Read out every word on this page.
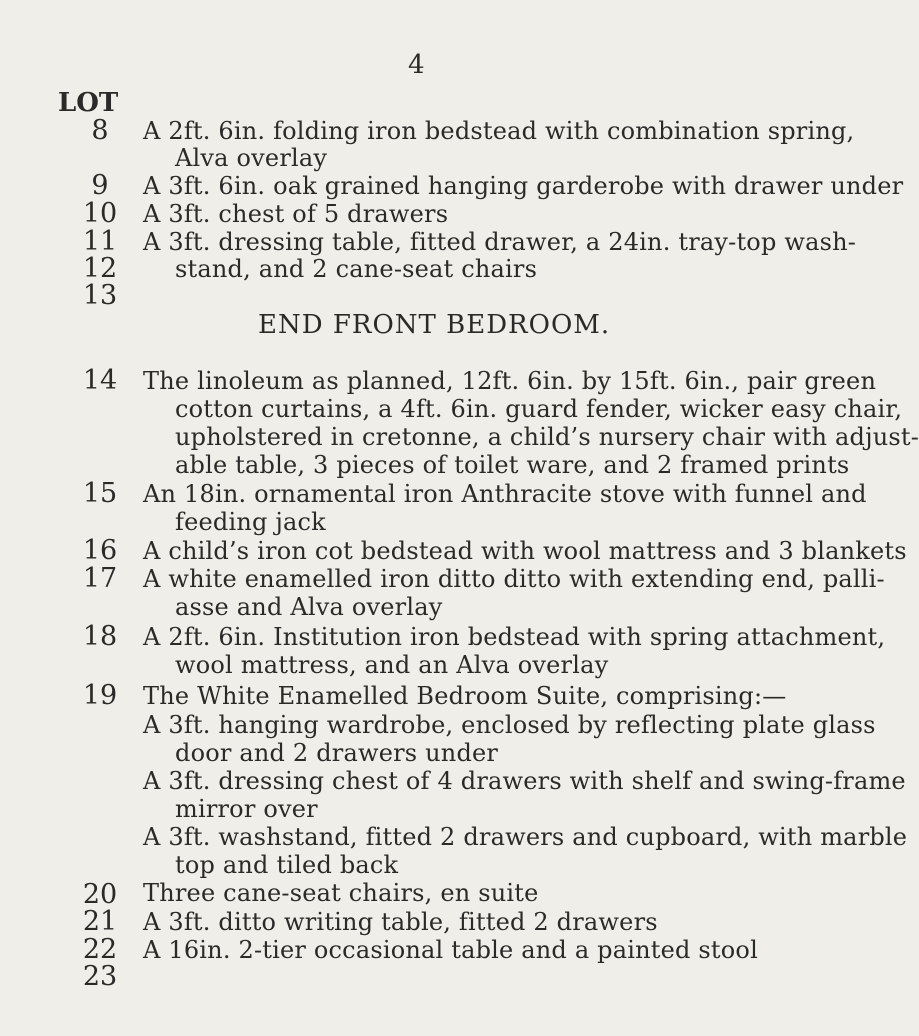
4
LOT
8
9
10
11
12
13
14
15
16
17
18
19
20
21
22
23
A 2ft. 6in. folding iron bedstead with combination spring,
Alva overlay
A 3ft. 6in. oak grained hanging garderobe with drawer under
A 3ft. chest of 5 drawers
A 3ft. dressing table, fitted drawer, a 24in. tray-top wash-
stand, and 2 cane-seat chairs
END FRONT BEDROOM.
The linoleum as planned, 12ft. 6in. by 15ft. 6in., pair green
cotton curtains, a 4ft. 6in. guard fender, wicker easy chair,
upholstered in cretonne, a child’s nursery chair with adjust-
able table, 3 pieces of toilet ware, and 2 framed prints
An 18in. ornamental iron Anthracite stove with funnel and
feeding jack
A child’s iron cot bedstead with wool mattress and 3 blankets
A white enamelled iron ditto ditto with extending end, palli-
asse and Alva overlay
A 2ft. 6in. Institution iron bedstead with spring attachment,
wool mattress, and an Alva overlay
The White Enamelled Bedroom Suite, comprising:—
A 3ft. hanging wardrobe, enclosed by reflecting plate glass
door and 2 drawers under
A 3ft. dressing chest of 4 drawers with shelf and swing-frame
mirror over
A 3ft. washstand, fitted 2 drawers and cupboard, with marble
top and tiled back
Three cane-seat chairs, en suite
A 3ft. ditto writing table, fitted 2 drawers
A 16in. 2-tier occasional table and a painted stool
